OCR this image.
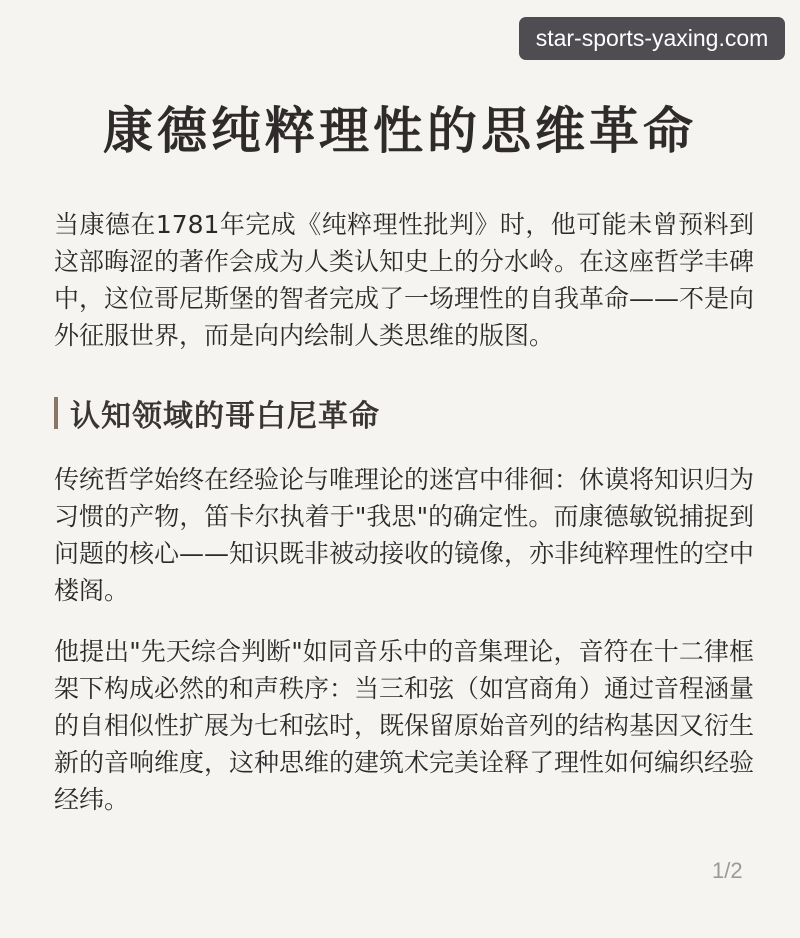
star-sports-yaxing.com
康德纯粹理性的思维革命

当康德在1781年完成《纯粹理性批判》时，他可能未曾预料到这部晦涩的著作会成为人类认知史上的分水岭。在这座哲学丰碑中，这位哥尼斯堡的智者完成了一场理性的自我革命——不是向外征服世界，而是向内绘制人类思维的版图。

认知领域的哥白尼革命

传统哲学始终在经验论与唯理论的迷宫中徘徊：休谟将知识归为习惯的产物，笛卡尔执着于"我思"的确定性。而康德敏锐捕捉到问题的核心——知识既非被动接收的镜像，亦非纯粹理性的空中楼阁。

他提出"先天综合判断"如同音乐中的音集理论，音符在十二律框架下构成必然的和声秩序：当三和弦（如宫商角）通过音程涵量的自相似性扩展为七和弦时，既保留原始音列的结构基因又衍生新的音响维度，这种思维的建筑术完美诠释了理性如何编织经验经纬。

1/2
